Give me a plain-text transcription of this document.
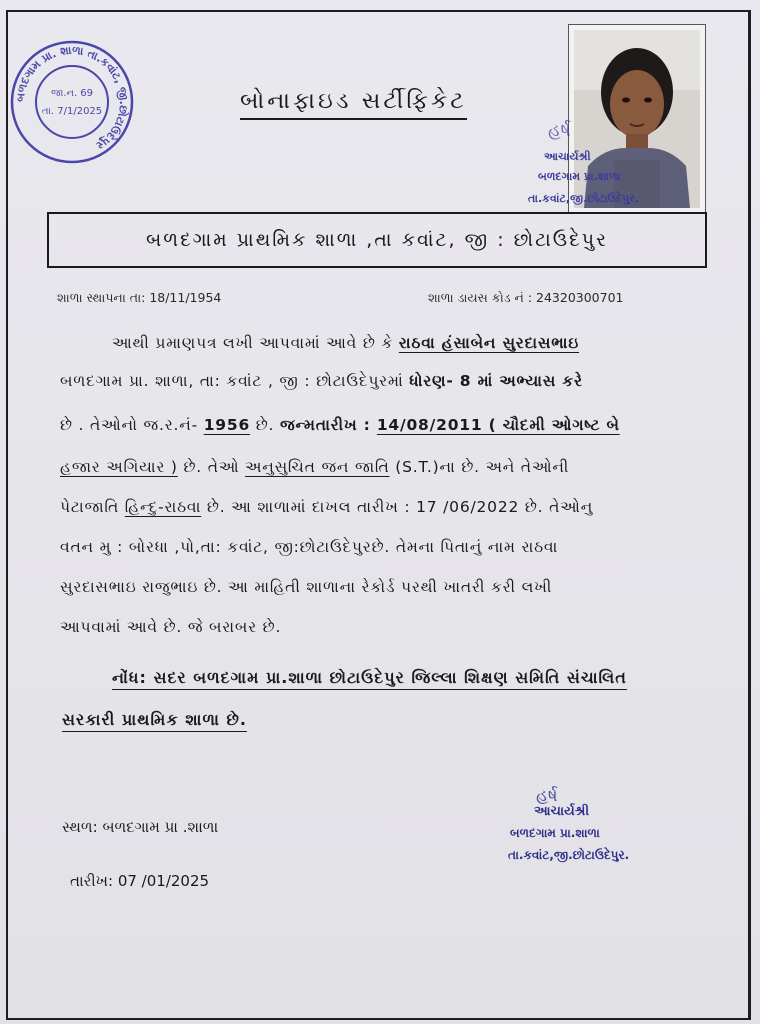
બળદગામ પ્રા. શાળા તા.કવાંટ, જી.છોટાઉદેપુર
જા.ન. 69
તા. 7/1/2025	બોનાફાઇડ સર્ટીફિકેટ
હર્ષ
આચાર્યશ્રી
બળદગામ પ્રા.શાળા
તા.કવાંટ,જી.છોટાઉદેપુર.
બળદગામ પ્રાથમિક શાળા ,તા કવાંટ, જી : છોટાઉદેપુર
શાળા સ્થાપના તા: 18/11/1954	શાળા ડાયસ કોડ નં : 24320300701
આથી પ્રમાણપત્ર લખી આપવામાં આવે છે કે રાઠવા હંસાબેન સુરદાસભાઇ
બળદગામ પ્રા. શાળા, તા: કવાંટ , જી : છોટાઉદેપુરમાં ધોરણ- 8 માં અભ્યાસ કરે
છે . તેઓનો જ.ર.નં- 1956 છે. જન્મતારીખ : 14/08/2011 ( ચૌદમી ઓગષ્ટ બે
હજાર અગિયાર ) છે. તેઓ અનુસુચિત જન જાતિ (S.T.)ના છે. અને તેઓની
પેટાજાતિ હિન્દુ-રાઠવા છે. આ શાળામાં દાખલ તારીખ : 17 /06/2022 છે. તેઓનુ
વતન મુ : બોરધા ,પો,તા: કવાંટ, જી:છોટાઉદેપુરછે. તેમના પિતાનું નામ રાઠવા
સુરદાસભાઇ રાજુભાઇ છે. આ માહિતી શાળાના રેકોર્ડ પરથી ખાતરી કરી લખી
આપવામાં આવે છે. જે બરાબર છે.
નોંધ: સદર બળદગામ પ્રા.શાળા છોટાઉદેપુર જિલ્લા શિક્ષણ સમિતિ સંચાલિત
સરકારી પ્રાથમિક શાળા છે.
સ્થળ: બળદગામ પ્રા .શાળા
તારીખ: 07 /01/2025
હર્ષ
આચાર્યશ્રી
બળદગામ પ્રા.શાળા
તા.કવાંટ,જી.છોટાઉદેપુર.
